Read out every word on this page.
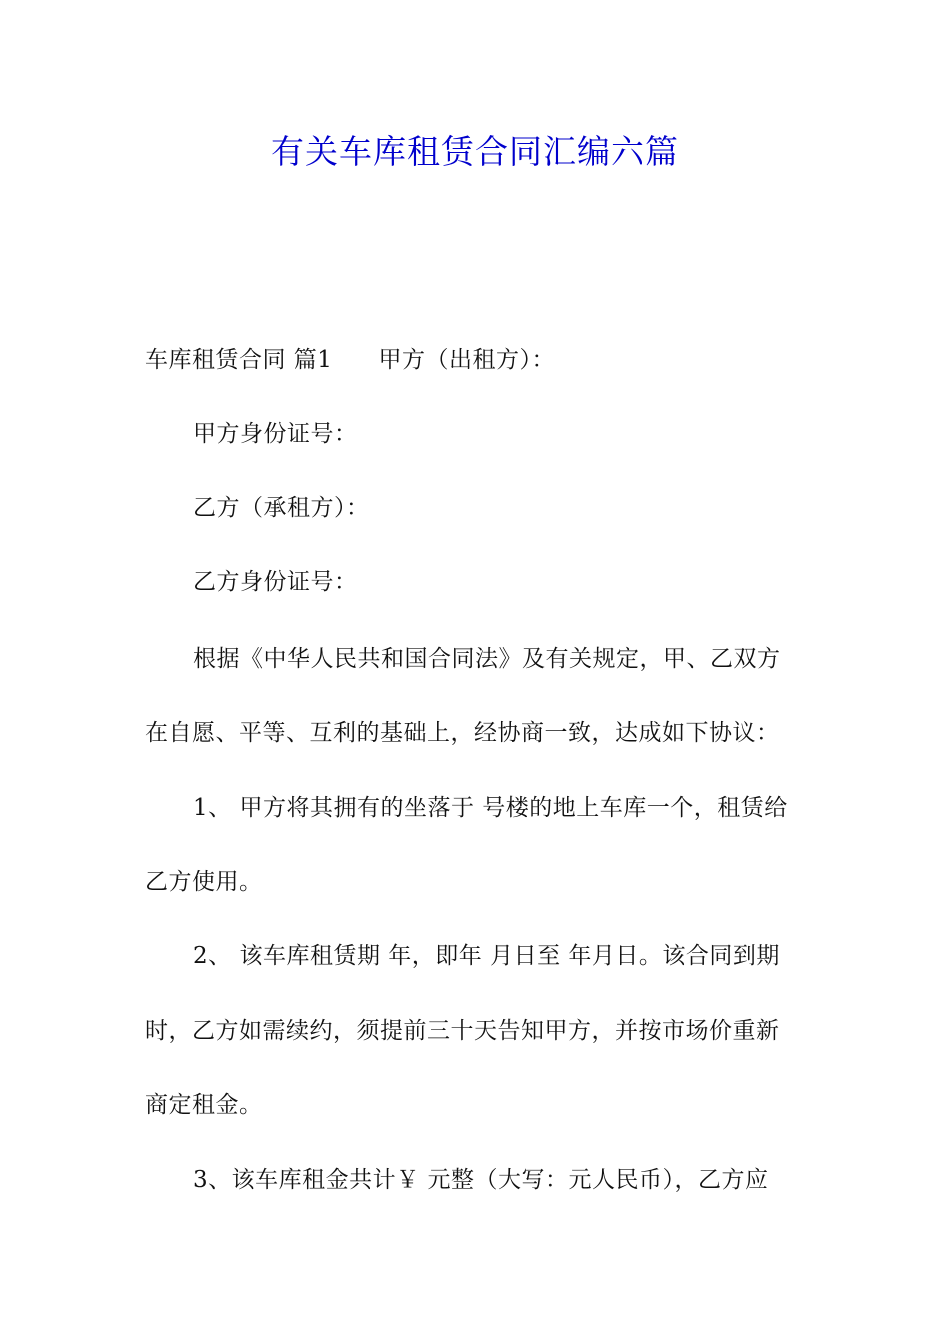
有关车库租赁合同汇编六篇
车库租赁合同 篇1 甲方（出租方）：
甲方身份证号：
乙方（承租方）：
乙方身份证号：
根据《中华人民共和国合同法》及有关规定，甲、乙双方
在自愿、平等、互利的基础上，经协商一致，达成如下协议：
1、 甲方将其拥有的坐落于 号楼的地上车库一个，租赁给
乙方使用。
2、 该车库租赁期 年，即年 月日至 年月日。该合同到期
时，乙方如需续约，须提前三十天告知甲方，并按市场价重新
商定租金。
3、该车库租金共计￥ 元整（大写：元人民币），乙方应
